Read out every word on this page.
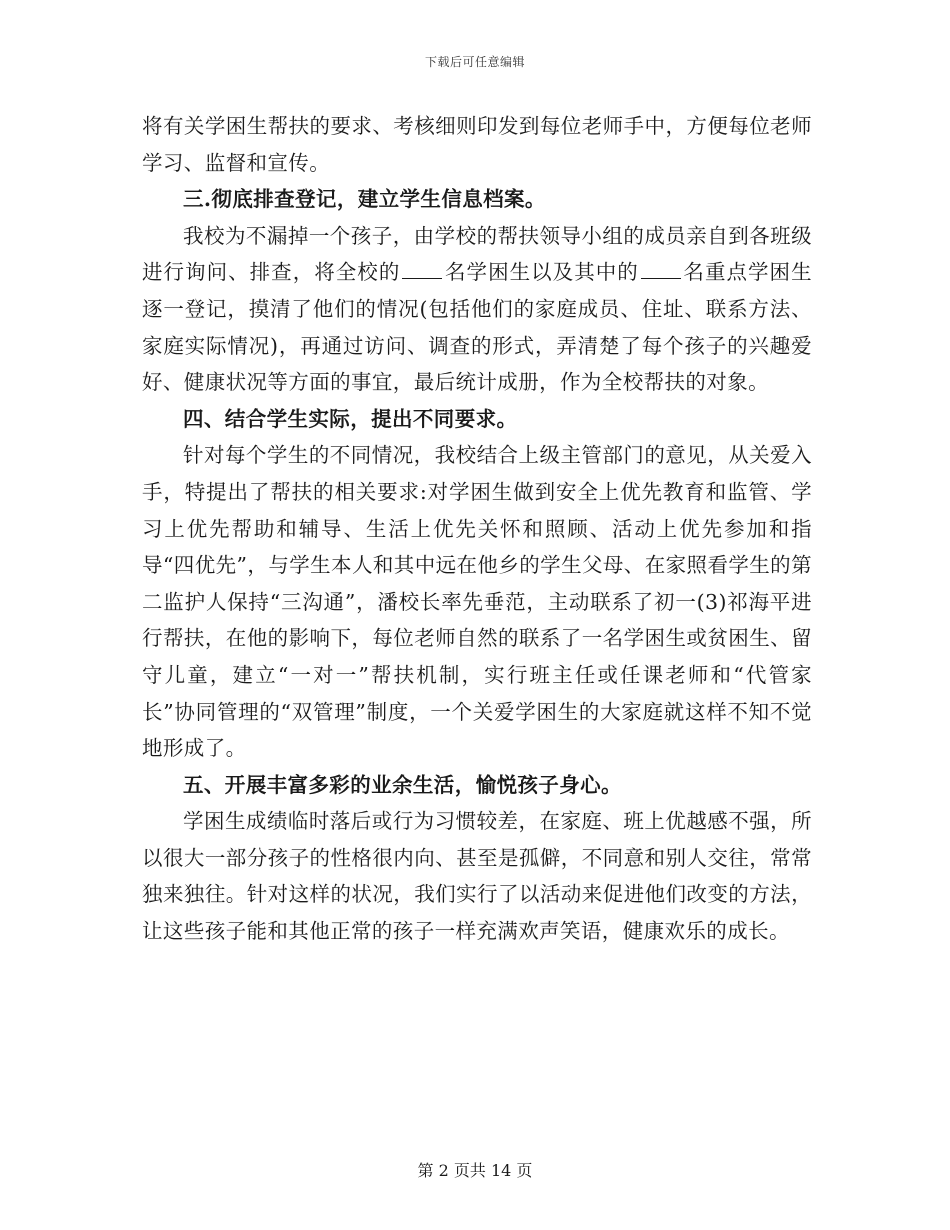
下载后可任意编辑

将有关学困生帮扶的要求、考核细则印发到每位老师手中，方便每位老师学习、监督和宣传。

三.彻底排查登记，建立学生信息档案。

我校为不漏掉一个孩子，由学校的帮扶领导小组的成员亲自到各班级进行询问、排查，将全校的 名学困生以及其中的 名重点学困生逐一登记，摸清了他们的情况(包括他们的家庭成员、住址、联系方法、家庭实际情况)，再通过访问、调查的形式，弄清楚了每个孩子的兴趣爱好、健康状况等方面的事宜，最后统计成册，作为全校帮扶的对象。

四、结合学生实际，提出不同要求。

针对每个学生的不同情况，我校结合上级主管部门的意见，从关爱入手，特提出了帮扶的相关要求:对学困生做到安全上优先教育和监管、学习上优先帮助和辅导、生活上优先关怀和照顾、活动上优先参加和指导“四优先”，与学生本人和其中远在他乡的学生父母、在家照看学生的第二监护人保持“三沟通”，潘校长率先垂范，主动联系了初一(3)祁海平进行帮扶，在他的影响下，每位老师自然的联系了一名学困生或贫困生、留守儿童，建立“一对一”帮扶机制，实行班主任或任课老师和“代管家长”协同管理的“双管理”制度，一个关爱学困生的大家庭就这样不知不觉地形成了。

五、开展丰富多彩的业余生活，愉悦孩子身心。

学困生成绩临时落后或行为习惯较差，在家庭、班上优越感不强，所以很大一部分孩子的性格很内向、甚至是孤僻，不同意和别人交往，常常独来独往。针对这样的状况，我们实行了以活动来促进他们改变的方法，让这些孩子能和其他正常的孩子一样充满欢声笑语，健康欢乐的成长。

第 2 页共 14 页
